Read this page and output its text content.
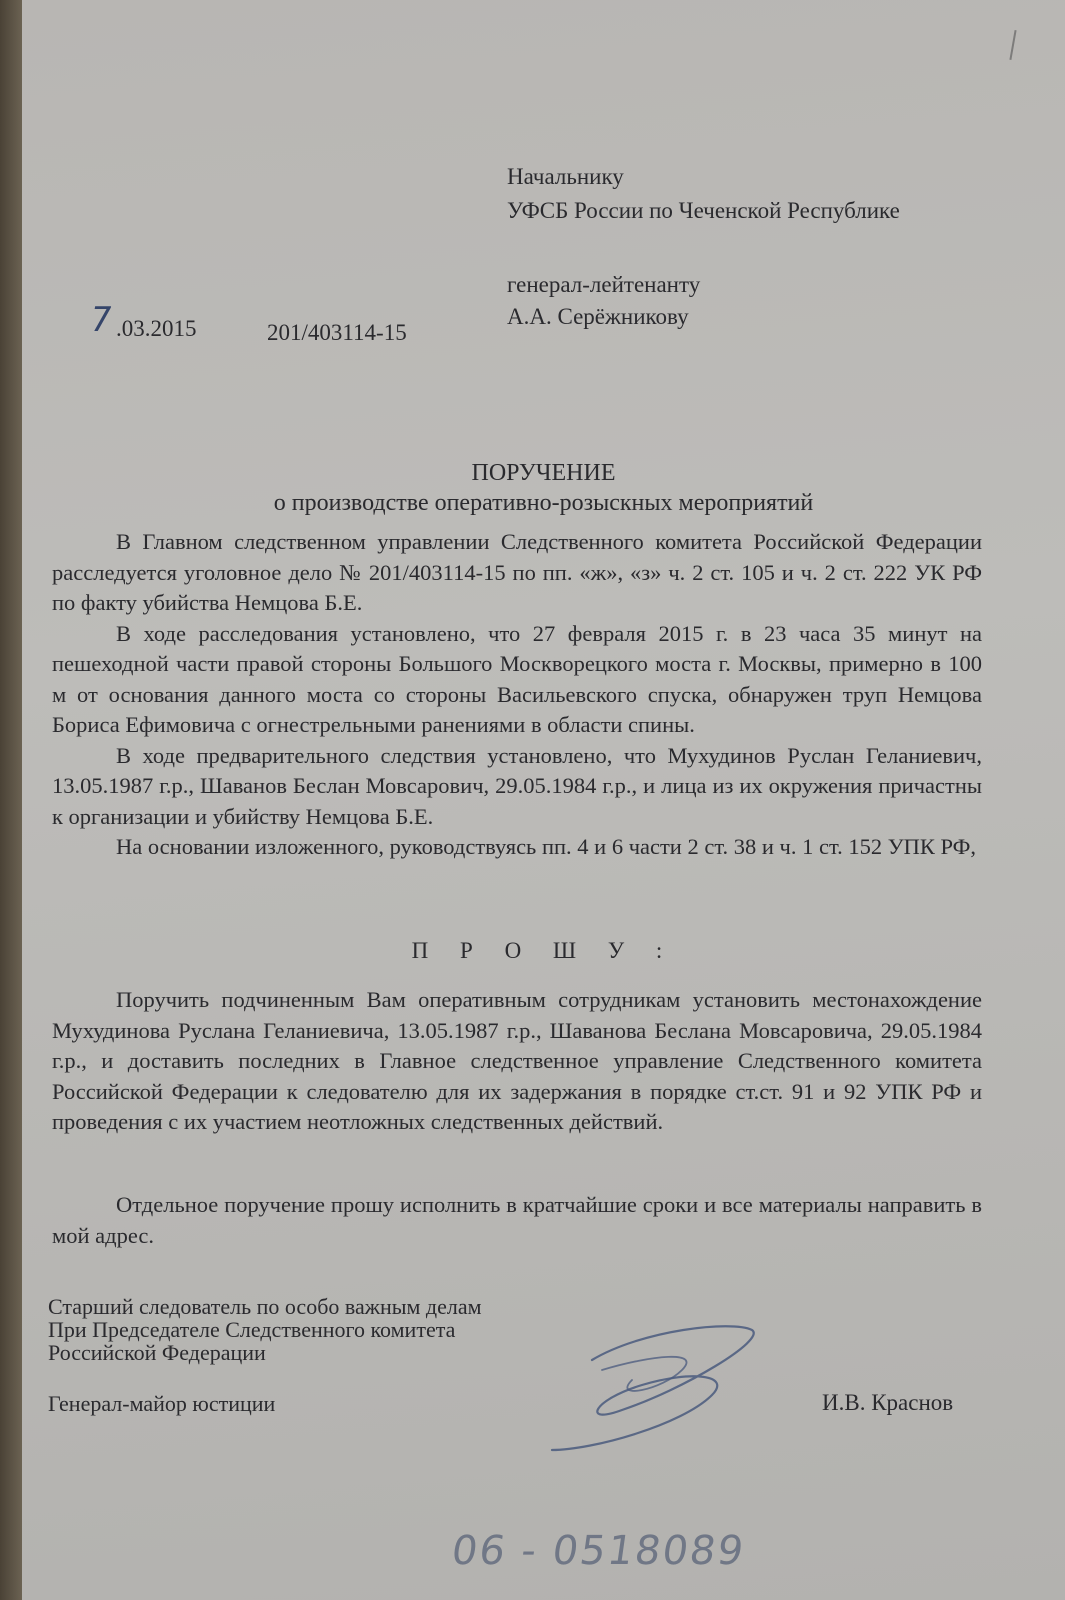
Начальнику
УФСБ России по Чеченской Республике
генерал-лейтенанту
А.А. Серёжникову
7 .03.2015	201/403114-15
ПОРУЧЕНИЕ
о производстве оперативно-розыскных мероприятий

В Главном следственном управлении Следственного комитета Российской Федерации расследуется уголовное дело № 201/403114-15 по пп. «ж», «з» ч. 2 ст. 105 и ч. 2 ст. 222 УК РФ по факту убийства Немцова Б.Е.

В ходе расследования установлено, что 27 февраля 2015 г. в 23 часа 35 минут на пешеходной части правой стороны Большого Москворецкого моста г. Москвы, примерно в 100 м от основания данного моста со стороны Васильевского спуска, обнаружен труп Немцова Бориса Ефимовича с огнестрельными ранениями в области спины.

В ходе предварительного следствия установлено, что Мухудинов Руслан Геланиевич, 13.05.1987 г.р., Шаванов Беслан Мовсарович, 29.05.1984 г.р., и лица из их окружения причастны к организации и убийству Немцова Б.Е.

На основании изложенного, руководствуясь пп. 4 и 6 части 2 ст. 38 и ч. 1 ст. 152 УПК РФ,

П Р О Ш У :

Поручить подчиненным Вам оперативным сотрудникам установить местонахождение Мухудинова Руслана Геланиевича, 13.05.1987 г.р., Шаванова Беслана Мовсаровича, 29.05.1984 г.р., и доставить последних в Главное следственное управление Следственного комитета Российской Федерации к следователю для их задержания в порядке ст.ст. 91 и 92 УПК РФ и проведения с их участием неотложных следственных действий.

Отдельное поручение прошу исполнить в кратчайшие сроки и все материалы направить в мой адрес.

Старший следователь по особо важным делам
При Председателе Следственного комитета
Российской Федерации
Генерал-майор юстиции	И.В. Краснов
06 - 0518089
